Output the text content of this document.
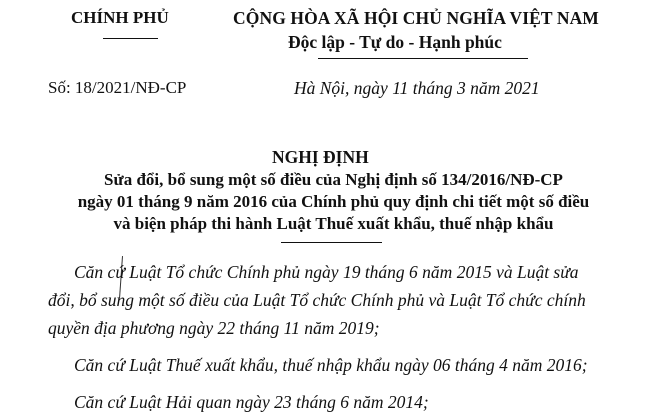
CHÍNH PHỦ	CỘNG HÒA XÃ HỘI CHỦ NGHĨA VIỆT NAM
Độc lập - Tự do - Hạnh phúc
Số: 18/2021/NĐ-CP	Hà Nội, ngày 11 tháng 3 năm 2021
NGHỊ ĐỊNH
Sửa đổi, bổ sung một số điều của Nghị định số 134/2016/NĐ-CP
ngày 01 tháng 9 năm 2016 của Chính phủ quy định chi tiết một số điều
và biện pháp thi hành Luật Thuế xuất khẩu, thuế nhập khẩu
Căn cứ Luật Tổ chức Chính phủ ngày 19 tháng 6 năm 2015 và Luật sửa
đổi, bổ sung một số điều của Luật Tổ chức Chính phủ và Luật Tổ chức chính
quyền địa phương ngày 22 tháng 11 năm 2019;
Căn cứ Luật Thuế xuất khẩu, thuế nhập khẩu ngày 06 tháng 4 năm 2016;
Căn cứ Luật Hải quan ngày 23 tháng 6 năm 2014;
